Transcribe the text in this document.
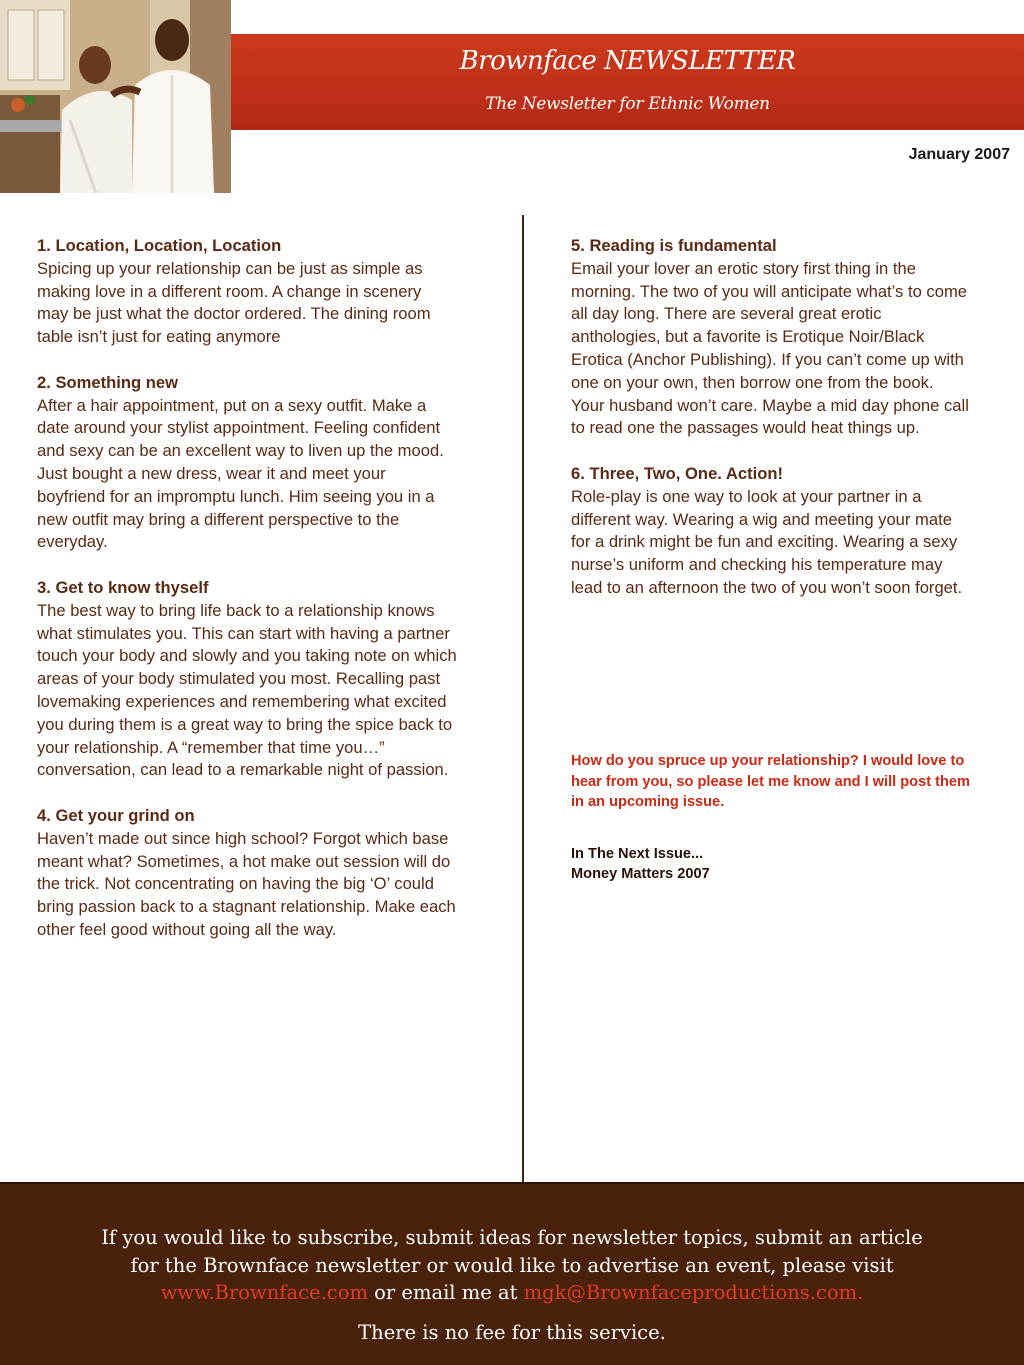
Brownface NEWSLETTER
The Newsletter for Ethnic Women
January 2007
1. Location, Location, Location

Spicing up your relationship can be just as simple as making love in a different room. A change in scenery may be just what the doctor ordered. The dining room table isn’t just for eating anymore

2. Something new

After a hair appointment, put on a sexy outfit. Make a date around your stylist appointment. Feeling confident and sexy can be an excellent way to liven up the mood. Just bought a new dress, wear it and meet your boyfriend for an impromptu lunch. Him seeing you in a new outfit may bring a different perspective to the everyday.

3. Get to know thyself

The best way to bring life back to a relationship knows what stimulates you. This can start with having a partner touch your body and slowly and you taking note on which areas of your body stimulated you most. Recalling past lovemaking experiences and remembering what excited you during them is a great way to bring the spice back to your relationship. A “remember that time you…” conversation, can lead to a remarkable night of passion.

4. Get your grind on

Haven’t made out since high school? Forgot which base meant what? Sometimes, a hot make out session will do the trick. Not concentrating on having the big ‘O’ could bring passion back to a stagnant relationship. Make each other feel good without going all the way.

5. Reading is fundamental

Email your lover an erotic story first thing in the morning. The two of you will anticipate what’s to come all day long. There are several great erotic anthologies, but a favorite is Erotique Noir/Black Erotica (Anchor Publishing). If you can’t come up with one on your own, then borrow one from the book. Your husband won’t care. Maybe a mid day phone call to read one the passages would heat things up.

6. Three, Two, One. Action!

Role-play is one way to look at your partner in a different way. Wearing a wig and meeting your mate for a drink might be fun and exciting. Wearing a sexy nurse’s uniform and checking his temperature may lead to an afternoon the two of you won’t soon forget.

How do you spruce up your relationship? I would love to hear from you, so please let me know and I will post them in an upcoming issue.
In The Next Issue...
Money Matters 2007
If you would like to subscribe, submit ideas for newsletter topics, submit an article for the Brownface newsletter or would like to advertise an event, please visit www.Brownface.com or email me at mgk@Brownfaceproductions.com.
There is no fee for this service.
